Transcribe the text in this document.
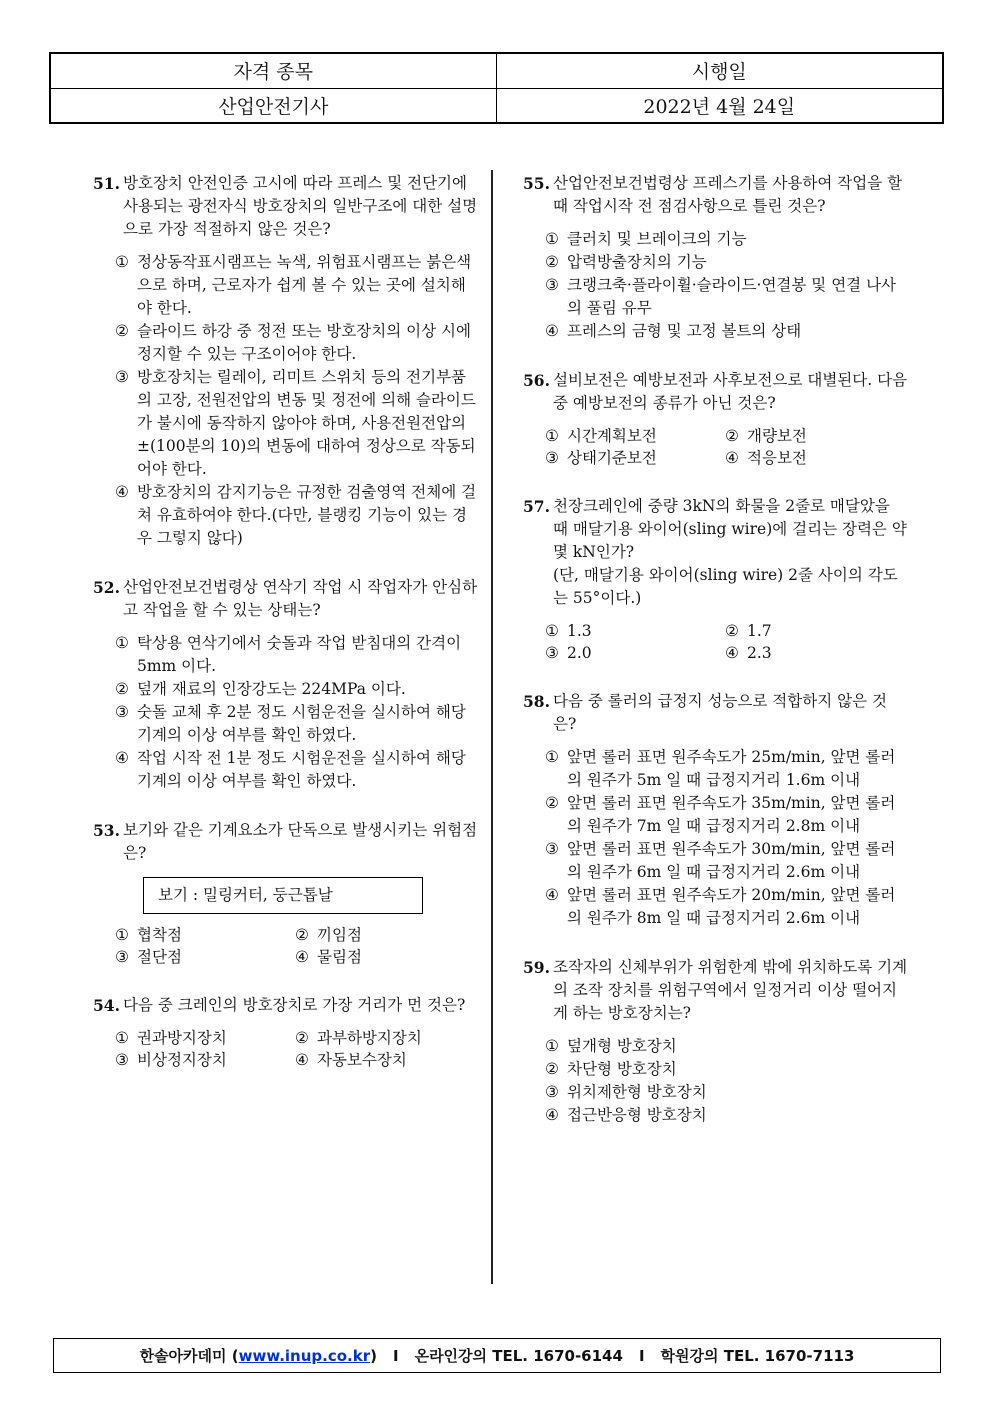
자격 종목	시행일
산업안전기사	2022년 4월 24일
51. 방호장치 안전인증 고시에 따라 프레스 및 전단기에 사용되는 광전자식 방호장치의 일반구조에 대한 설명으로 가장 적절하지 않은 것은?
① 정상동작표시램프는 녹색, 위험표시램프는 붉은색으로 하며, 근로자가 쉽게 볼 수 있는 곳에 설치해야 한다.
② 슬라이드 하강 중 정전 또는 방호장치의 이상 시에 정지할 수 있는 구조이어야 한다.
③ 방호장치는 릴레이, 리미트 스위치 등의 전기부품의 고장, 전원전압의 변동 및 정전에 의해 슬라이드가 불시에 동작하지 않아야 하며, 사용전원전압의 ±(100분의 10)의 변동에 대하여 정상으로 작동되어야 한다.
④ 방호장치의 감지기능은 규정한 검출영역 전체에 걸쳐 유효하여야 한다.(다만, 블랭킹 기능이 있는 경우 그렇지 않다)
52. 산업안전보건법령상 연삭기 작업 시 작업자가 안심하고 작업을 할 수 있는 상태는?
① 탁상용 연삭기에서 숫돌과 작업 받침대의 간격이 5mm 이다.
② 덮개 재료의 인장강도는 224MPa 이다.
③ 숫돌 교체 후 2분 정도 시험운전을 실시하여 해당 기계의 이상 여부를 확인 하였다.
④ 작업 시작 전 1분 정도 시험운전을 실시하여 해당 기계의 이상 여부를 확인 하였다.
53. 보기와 같은 기계요소가 단독으로 발생시키는 위험점은?
보기 : 밀링커터, 둥근톱날
① 협착점	② 끼임점
③ 절단점	④ 물림점
54. 다음 중 크레인의 방호장치로 가장 거리가 먼 것은?
① 권과방지장치	② 과부하방지장치
③ 비상정지장치	④ 자동보수장치
55. 산업안전보건법령상 프레스기를 사용하여 작업을 할 때 작업시작 전 점검사항으로 틀린 것은?
① 클러치 및 브레이크의 기능
② 압력방출장치의 기능
③ 크랭크축·플라이휠·슬라이드·연결봉 및 연결 나사의 풀림 유무
④ 프레스의 금형 및 고정 볼트의 상태
56. 설비보전은 예방보전과 사후보전으로 대별된다. 다음 중 예방보전의 종류가 아닌 것은?
① 시간계획보전	② 개량보전
③ 상태기준보전	④ 적응보전
57. 천장크레인에 중량 3kN의 화물을 2줄로 매달았을 때 매달기용 와이어(sling wire)에 걸리는 장력은 약 몇 kN인가?
(단, 매달기용 와이어(sling wire) 2줄 사이의 각도는 55°이다.)
① 1.3	② 1.7
③ 2.0	④ 2.3
58. 다음 중 롤러의 급정지 성능으로 적합하지 않은 것은?
① 앞면 롤러 표면 원주속도가 25m/min, 앞면 롤러의 원주가 5m 일 때 급정지거리 1.6m 이내
② 앞면 롤러 표면 원주속도가 35m/min, 앞면 롤러의 원주가 7m 일 때 급정지거리 2.8m 이내
③ 앞면 롤러 표면 원주속도가 30m/min, 앞면 롤러의 원주가 6m 일 때 급정지거리 2.6m 이내
④ 앞면 롤러 표면 원주속도가 20m/min, 앞면 롤러의 원주가 8m 일 때 급정지거리 2.6m 이내
59. 조작자의 신체부위가 위험한계 밖에 위치하도록 기계의 조작 장치를 위험구역에서 일정거리 이상 떨어지게 하는 방호장치는?
① 덮개형 방호장치
② 차단형 방호장치
③ 위치제한형 방호장치
④ 접근반응형 방호장치
한솔아카데미 ( www.inup.co.kr ) I 온라인강의 TEL. 1670-6144 I 학원강의 TEL. 1670-7113
